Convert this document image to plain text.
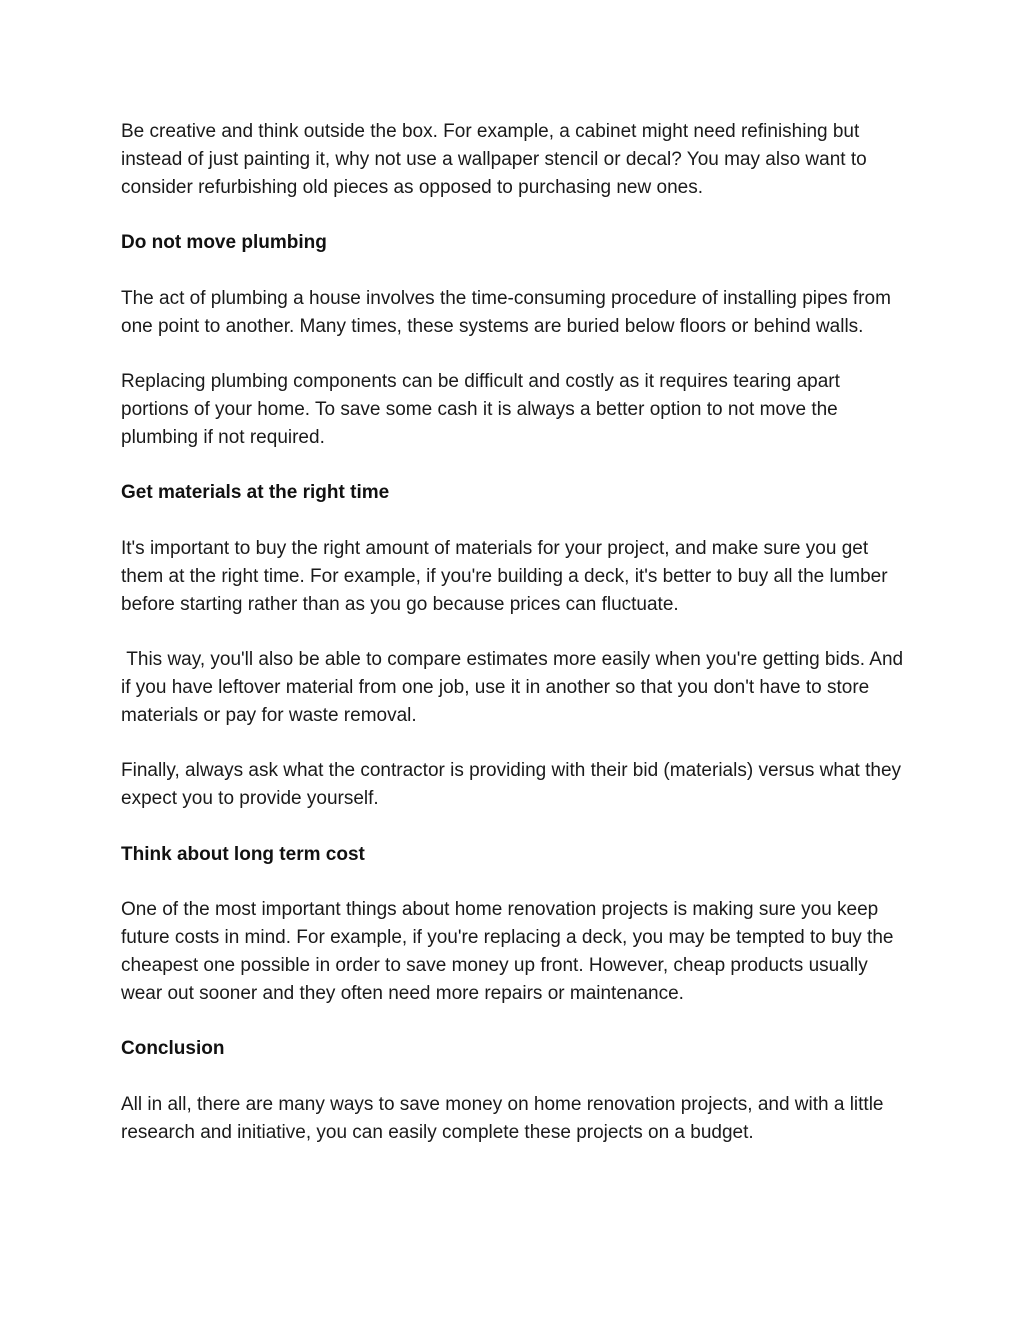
Be creative and think outside the box. For example, a cabinet might need refinishing but instead of just painting it, why not use a wallpaper stencil or decal? You may also want to consider refurbishing old pieces as opposed to purchasing new ones.

Do not move plumbing

The act of plumbing a house involves the time-consuming procedure of installing pipes from one point to another. Many times, these systems are buried below floors or behind walls.

Replacing plumbing components can be difficult and costly as it requires tearing apart portions of your home. To save some cash it is always a better option to not move the plumbing if not required.

Get materials at the right time

It's important to buy the right amount of materials for your project, and make sure you get them at the right time. For example, if you're building a deck, it's better to buy all the lumber before starting rather than as you go because prices can fluctuate.

This way, you'll also be able to compare estimates more easily when you're getting bids. And if you have leftover material from one job, use it in another so that you don't have to store materials or pay for waste removal.

Finally, always ask what the contractor is providing with their bid (materials) versus what they expect you to provide yourself.

Think about long term cost

One of the most important things about home renovation projects is making sure you keep future costs in mind. For example, if you're replacing a deck, you may be tempted to buy the cheapest one possible in order to save money up front. However, cheap products usually wear out sooner and they often need more repairs or maintenance.

Conclusion

All in all, there are many ways to save money on home renovation projects, and with a little research and initiative, you can easily complete these projects on a budget.
